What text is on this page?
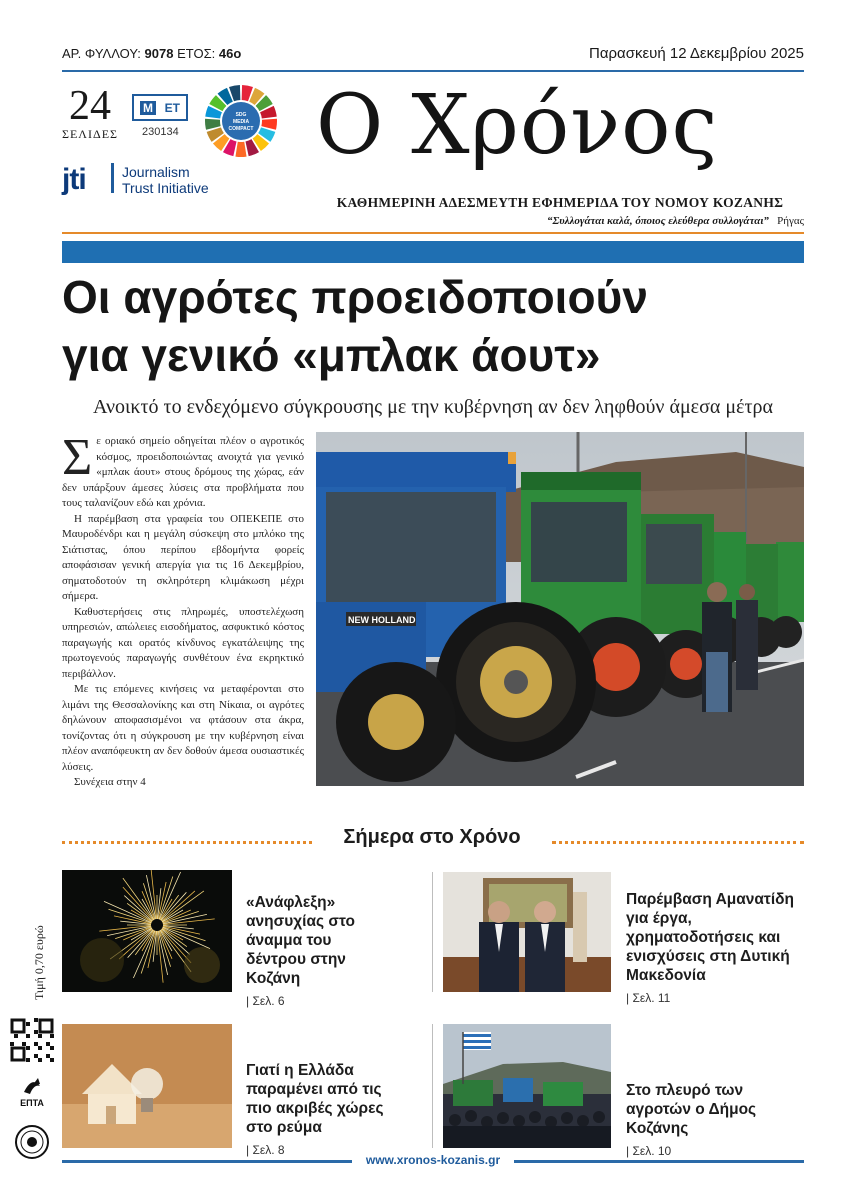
ΑΡ. ΦΥΛΛΟΥ: 9078 ΕΤΟΣ: 46ο	Παρασκευή 12 Δεκεμβρίου 2025
24
ΣΕΛΙΔΕΣ
Μ ΕΤ
230134
SDG
MEDIA
COMPACT
jti	Journalism
Trust Initiative
Ο Χρόνος
ΚΑΘΗΜΕΡΙΝΗ ΑΔΕΣΜΕΥΤΗ ΕΦΗΜΕΡΙΔΑ ΤΟΥ ΝΟΜΟΥ ΚΟΖΑΝΗΣ
“Συλλογάται καλά, όποιος ελεύθερα συλλογάται” Ρήγας
Οι αγρότες προειδοποιούν
για γενικό «μπλακ άουτ»
Ανοικτό το ενδεχόμενο σύγκρουσης με την κυβέρνηση αν δεν ληφθούν άμεσα μέτρα

Σε οριακό σημείο οδηγείται πλέον ο αγροτικός κόσμος, προειδοποιώντας ανοιχτά για γενικό «μπλακ άουτ» στους δρόμους της χώρας, εάν δεν υπάρξουν άμεσες λύσεις στα προβλήματα που τους ταλανίζουν εδώ και χρόνια.

Η παρέμβαση στα γραφεία του ΟΠΕΚΕΠΕ στο Μαυροδένδρι και η μεγάλη σύσκεψη στο μπλόκο της Σιάτιστας, όπου περίπου εβδομήντα φορείς αποφάσισαν γενική απεργία για τις 16 Δεκεμβρίου, σηματοδοτούν τη σκληρότερη κλιμάκωση μέχρι σήμερα.

Καθυστερήσεις στις πληρωμές, υποστελέχωση υπηρεσιών, απώλειες εισοδήματος, ασφυκτικό κόστος παραγωγής και ορατός κίνδυνος εγκατάλειψης της πρωτογενούς παραγωγής συνθέτουν ένα εκρηκτικό περιβάλλον.

Με τις επόμενες κινήσεις να μεταφέρονται στο λιμάνι της Θεσσαλονίκης και στη Νίκαια, οι αγρότες δηλώνουν αποφασισμένοι να φτάσουν στα άκρα, τονίζοντας ότι η σύγκρουση με την κυβέρνηση είναι πλέον αναπόφευκτη αν δεν δοθούν άμεσα ουσιαστικές λύσεις.

Συνέχεια στην 4

NEW HOLLAND
Σήμερα στο Χρόνο
«Ανάφλεξη» ανησυχίας στο άναμμα του δέντρου στην Κοζάνη
| Σελ. 6
Παρέμβαση Αμανατίδη για έργα, χρηματοδοτήσεις και ενισχύσεις στη Δυτική Μακεδονία
| Σελ. 11
Γιατί η Ελλάδα παραμένει από τις πιο ακριβές χώρες στο ρεύμα
| Σελ. 8
Στο πλευρό των αγροτών ο Δήμος Κοζάνης
| Σελ. 10
Τιμή 0,70 ευρώ
ΕΠΤΑ
www.xronos-kozanis.gr
